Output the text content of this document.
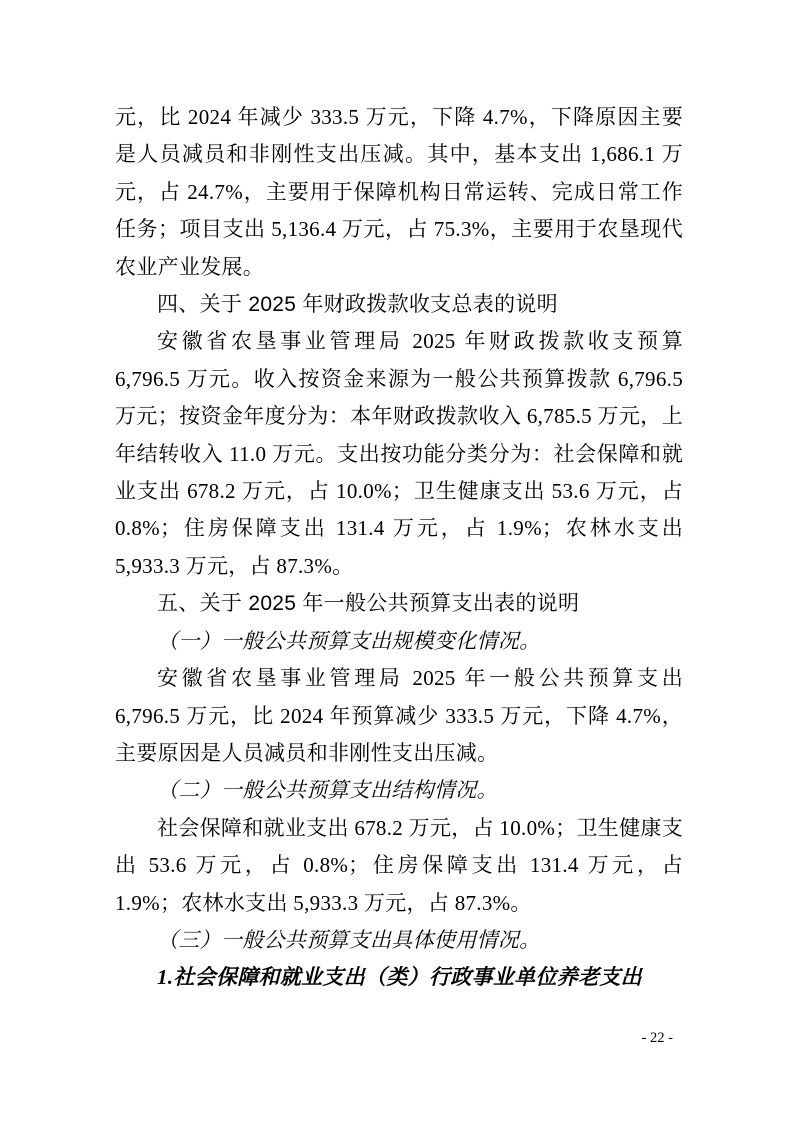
元，比 2024 年减少 333.5 万元，下降 4.7%，下降原因主要是人员减员和非刚性支出压减。其中，基本支出 1,686.1 万元，占 24.7%，主要用于保障机构日常运转、完成日常工作任务；项目支出 5,136.4 万元，占 75.3%，主要用于农垦现代农业产业发展。

四、关于 2025 年财政拨款收支总表的说明

安徽省农垦事业管理局 2025 年财政拨款收支预算 6,796.5 万元。收入按资金来源为一般公共预算拨款 6,796.5 万元；按资金年度分为：本年财政拨款收入 6,785.5 万元，上年结转收入 11.0 万元。支出按功能分类分为：社会保障和就业支出 678.2 万元，占 10.0%；卫生健康支出 53.6 万元，占 0.8%；住房保障支出 131.4 万元，占 1.9%；农林水支出 5,933.3 万元，占 87.3%。

五、关于 2025 年一般公共预算支出表的说明
（一）一般公共预算支出规模变化情况。

安徽省农垦事业管理局 2025 年一般公共预算支出 6,796.5 万元，比 2024 年预算减少 333.5 万元，下降 4.7%，主要原因是人员减员和非刚性支出压减。

（二）一般公共预算支出结构情况。

社会保障和就业支出 678.2 万元，占 10.0%；卫生健康支出 53.6 万元，占 0.8%；住房保障支出 131.4 万元，占 1.9%；农林水支出 5,933.3 万元，占 87.3%。

（三）一般公共预算支出具体使用情况。

1.社会保障和就业支出（类）行政事业单位养老支出

- 22 -
